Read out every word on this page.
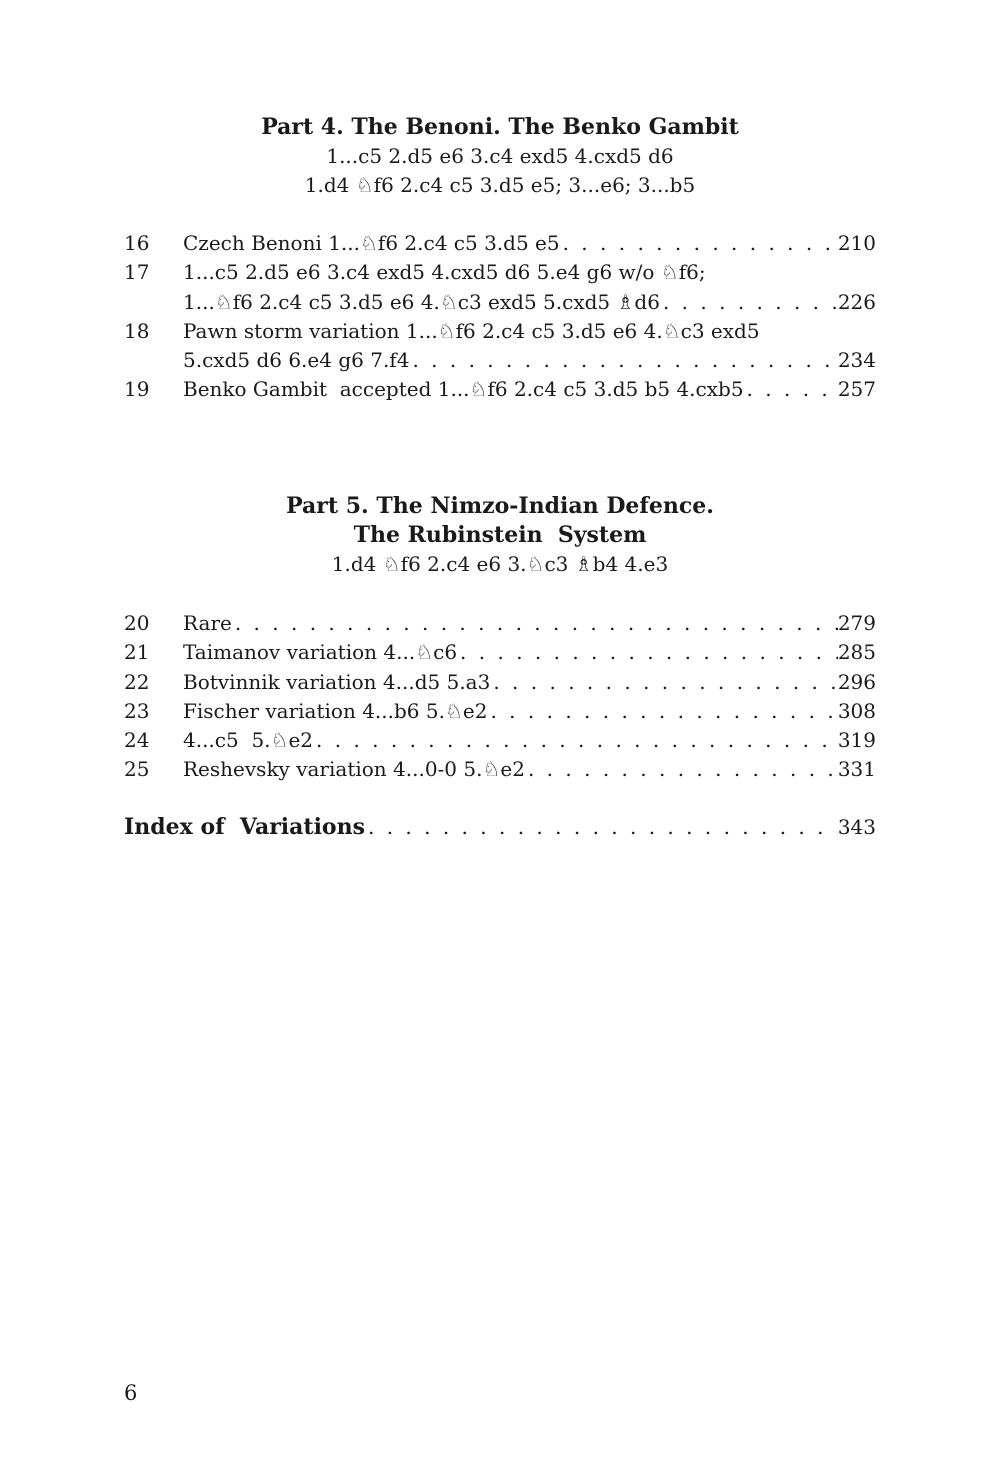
Part 4. The Benoni. The Benko Gambit

1...c5 2.d5 e6 3.c4 exd5 4.cxd5 d6

1.d4 ♘f6 2.c4 c5 3.d5 e5; 3...e6; 3...b5

16	Czech Benoni 1...♘f6 2.c4 c5 3.d5 e5 . . .	210
17	1...c5 2.d5 e6 3.c4 exd5 4.cxd5 d6 5.e4 g6 w/o ♘f6;
1...♘f6 2.c4 c5 3.d5 e6 4.♘c3 exd5 5.cxd5 ♗d6 . . .	226
18	Pawn storm variation 1...♘f6 2.c4 c5 3.d5 e6 4.♘c3 exd5
5.cxd5 d6 6.e4 g6 7.f4 . . .	234
19	Benko Gambit  accepted 1...♘f6 2.c4 c5 3.d5 b5 4.cxb5 . . .	257

Part 5. The Nimzo-Indian Defence.

The Rubinstein  System

1.d4 ♘f6 2.c4 e6 3.♘c3 ♗b4 4.e3

20	Rare . . .	279
21	Taimanov variation 4...♘c6 . . .	285
22	Botvinnik variation 4...d5 5.a3 . . .	296
23	Fischer variation 4...b6 5.♘e2 . . .	308
24	4...c5  5.♘e2 . . .	319
25	Reshevsky variation 4...0-0 5.♘e2 . . .	331
Index of  Variations . . .	343
6
